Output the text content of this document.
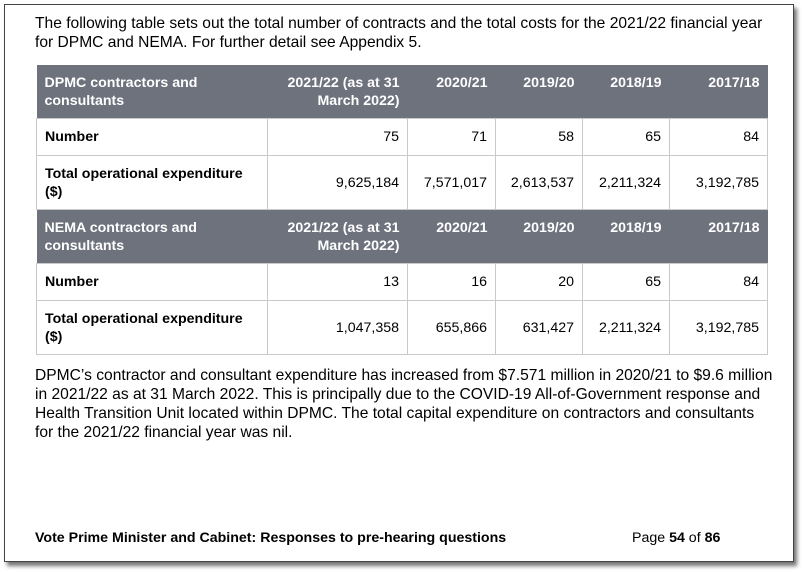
The following table sets out the total number of contracts and the total costs for the 2021/22 financial year for DPMC and NEMA. For further detail see Appendix 5.

DPMC contractors and consultants	2021/22 (as at 31 March 2022)	2020/21	2019/20	2018/19	2017/18
Number	75	71	58	65	84
Total operational expenditure ($)	9,625,184	7,571,017	2,613,537	2,211,324	3,192,785
NEMA contractors and consultants	2021/22 (as at 31 March 2022)	2020/21	2019/20	2018/19	2017/18
Number	13	16	20	65	84
Total operational expenditure ($)	1,047,358	655,866	631,427	2,211,324	3,192,785

DPMC’s contractor and consultant expenditure has increased from $7.571 million in 2020/21 to $9.6 million in 2021/22 as at 31 March 2022. This is principally due to the COVID-19 All-of-Government response and Health Transition Unit located within DPMC. The total capital expenditure on contractors and consultants for the 2021/22 financial year was nil.

Vote Prime Minister and Cabinet: Responses to pre-hearing questions	Page 54 of 86
